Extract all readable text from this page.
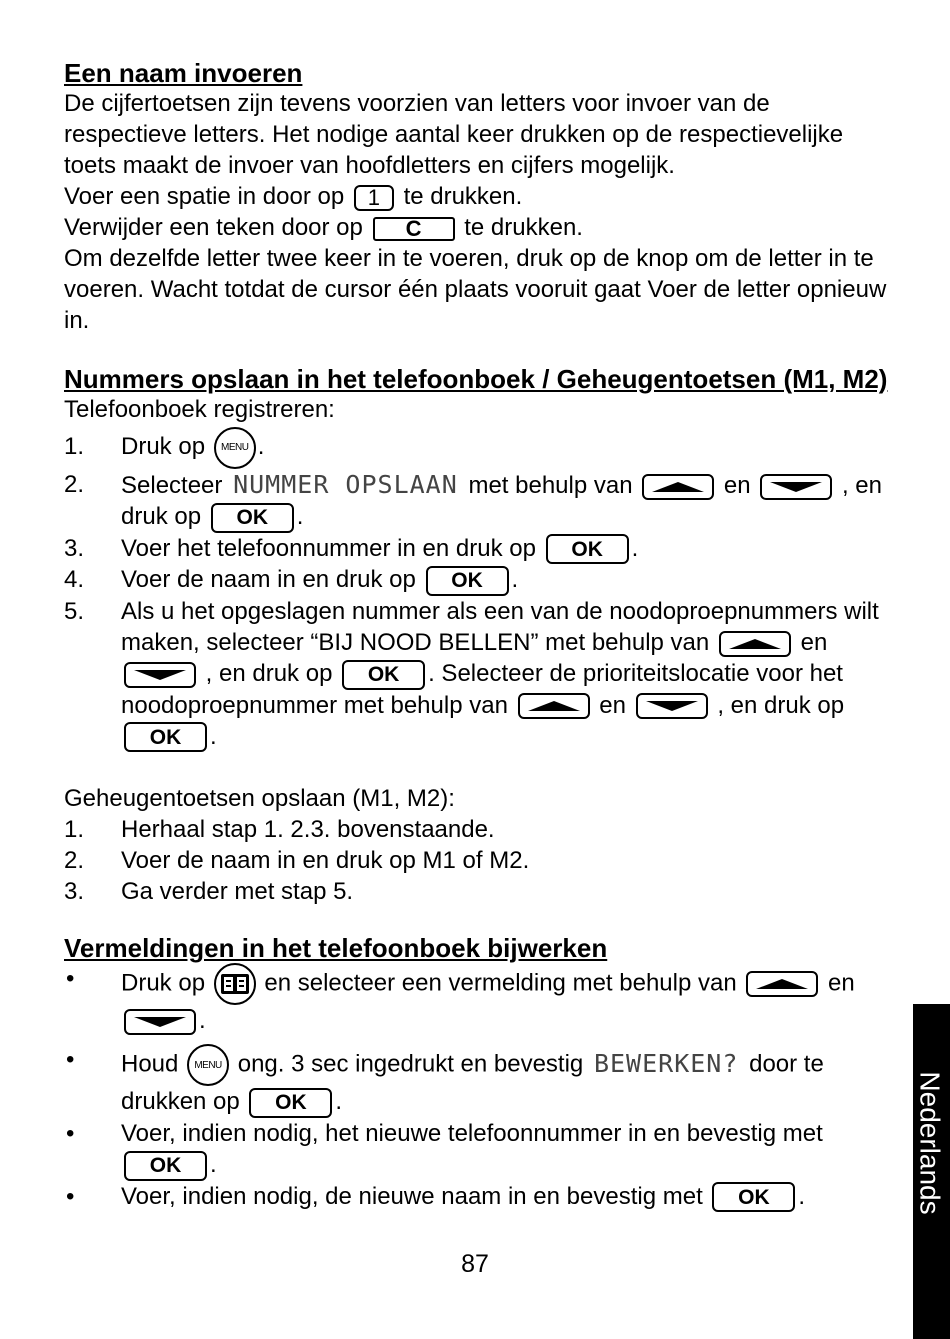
Een naam invoeren

De cijfertoetsen zijn tevens voorzien van letters voor invoer van de respectieve letters. Het nodige aantal keer drukken op de respectievelijke toets maakt de invoer van hoofdletters en cijfers mogelijk.

Voer een spatie in door op 1 te drukken.

Verwijder een teken door op C te drukken.

Om dezelfde letter twee keer in te voeren, druk op de knop om de letter in te voeren. Wacht totdat de cursor één plaats vooruit gaat Voer de letter opnieuw in.

Nummers opslaan in het telefoonboek / Geheugentoetsen (M1, M2)

Telefoonboek registreren:

1. Druk op MENU .
2. Selecteer NUMMER OPSLAAN met behulp van	en	, en druk op OK .
3. Voer het telefoonnummer in en druk op OK .
4. Voer de naam in en druk op OK .
5. Als u het opgeslagen nummer als een van de noodoproepnummers wilt maken, selecteer “BIJ NOOD BELLEN” met behulp van	en
, en druk op OK . Selecteer de prioriteitslocatie voor het noodoproepnummer met behulp van	en	, en druk op OK .

Geheugentoetsen opslaan (M1, M2):

1. Herhaal stap 1. 2.3. bovenstaande.
2. Voer de naam in en druk op M1 of M2.
3. Ga verder met stap 5.
Vermeldingen in het telefoonboek bijwerken
• Druk op en selecteer een vermelding met behulp van	en
.
• Houd MENU ong. 3 sec ingedrukt en bevestig BEWERKEN? door te drukken op OK .
• Voer, indien nodig, het nieuwe telefoonnummer in en bevestig met OK .
• Voer, indien nodig, de nieuwe naam in en bevestig met OK .
87
Nederlands
